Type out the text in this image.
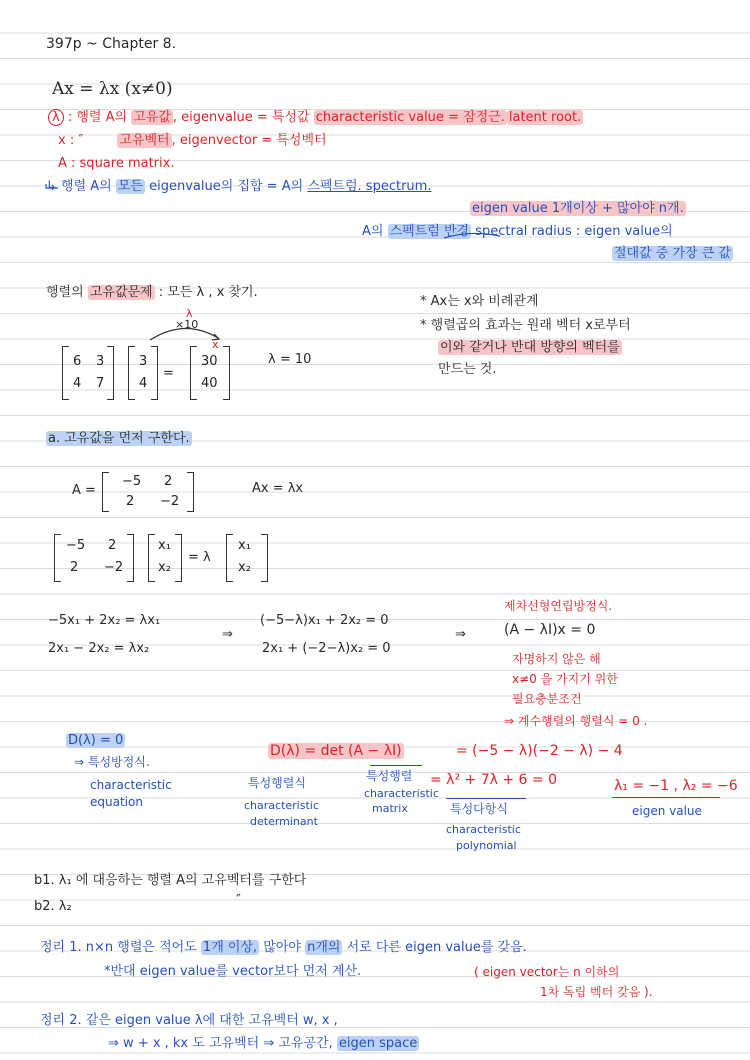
397p ~ Chapter 8.
Ax = λx (x≠0)
λ : 행렬 A의 고유값 , eigenvalue = 특성값 characteristic value = 잠정근. latent root.
x : ″	고유벡터 , eigenvector = 특성벡터
A : square matrix.
↳ 행렬 A의 모든 eigenvalue의 집합 = A의 스펙트럼. spectrum.
eigen value 1개이상 + 많아야 n개.
A의 스펙트럼 반경 spectral radius : eigen value의
절대값 중 가장 큰 값
행렬의 고유값문제 : 모든 λ , x 찾기.
* Ax는 x와 비례관계
* 행렬곱의 효과는 원래 벡터 x로부터
이와 같거나 반대 방향의 벡터를
만드는 것.
×10
x
λ
6 3
4 7
3
4
=
30
40
λ = 10
a. 고유값을 먼저 구한다.
A =
−5 2
2 −2
Ax = λx
−5 2
2 −2
x₁
x₂
= λ
x₁
x₂
−5x₁ + 2x₂ = λx₁
2x₁ − 2x₂ = λx₂
⇒
(−5−λ)x₁ + 2x₂ = 0
2x₁ + (−2−λ)x₂ = 0
⇒
제차선형연립방정식.
(A − λI)x = 0
자명하지 않은 해
x≠0 을 가지기 위한
필요충분조건
⇒ 계수행렬의 행렬식 = 0 .
D(λ) = 0
⇒ 특성방정식.
characteristic
equation
D(λ) = det (A − λI)	= (−5 − λ)(−2 − λ) − 4
특성행렬식
characteristic
determinant
특성행렬
characteristic
matrix
= λ² + 7λ + 6 = 0
특성다항식
characteristic
polynomial
λ₁ = −1 , λ₂ = −6
eigen value
b1. λ₁ 에 대응하는 행렬 A의 고유벡터를 구한다
b2. λ₂	″
정리 1. n×n 행렬은 적어도 1개 이상, 많아야 n개의 서로 다른 eigen value를 갖음.
*반대 eigen value를 vector보다 먼저 계산.	( eigen vector는 n 이하의
1차 독립 벡터 갖음 ).
정리 2. 같은 eigen value λ에 대한 고유벡터 w, x ,
⇒ w + x , kx 도 고유벡터 ⇒ 고유공간, eigen space
